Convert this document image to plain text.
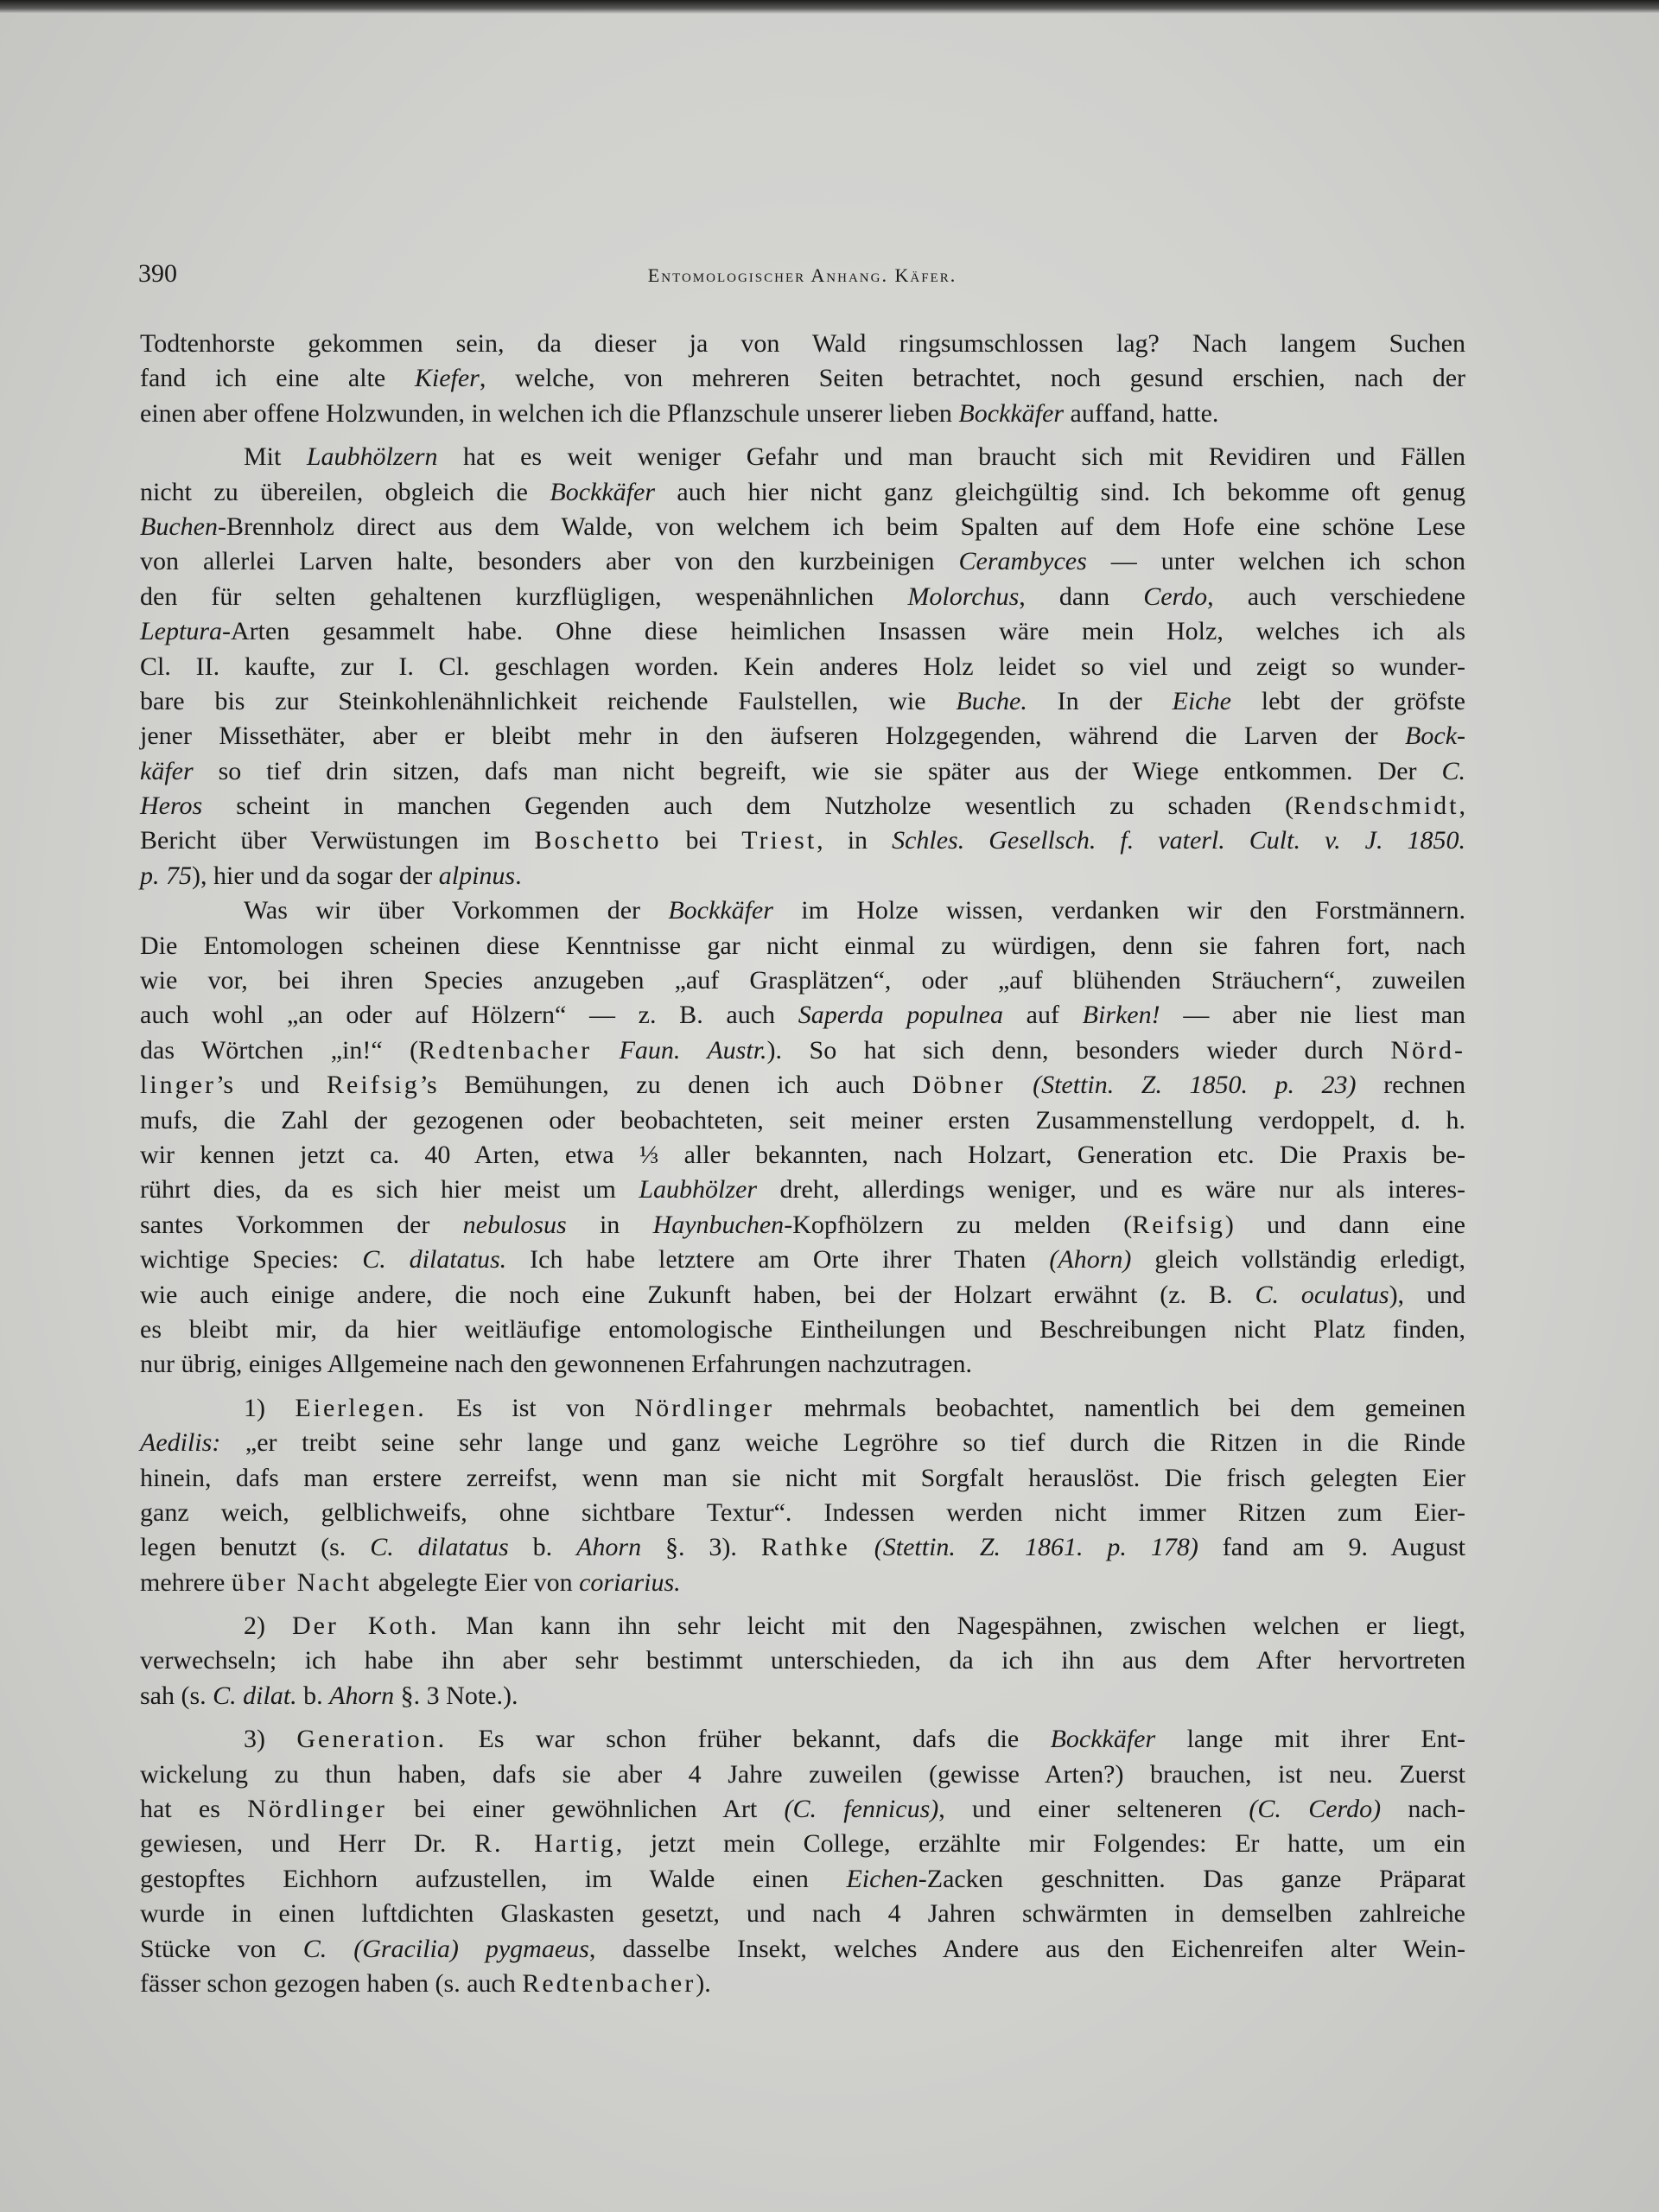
390	Entomologischer Anhang. Käfer.
Todtenhorste gekommen sein, da dieser ja von Wald ringsumschlossen lag? Nach langem Suchen
fand ich eine alte Kiefer, welche, von mehreren Seiten betrachtet, noch gesund erschien, nach der
einen aber offene Holzwunden, in welchen ich die Pflanzschule unserer lieben Bockkäfer auffand, hatte.
Mit Laubhölzern hat es weit weniger Gefahr und man braucht sich mit Revidiren und Fällen
nicht zu übereilen, obgleich die Bockkäfer auch hier nicht ganz gleichgültig sind. Ich bekomme oft genug
Buchen-Brennholz direct aus dem Walde, von welchem ich beim Spalten auf dem Hofe eine schöne Lese
von allerlei Larven halte, besonders aber von den kurzbeinigen Cerambyces — unter welchen ich schon
den für selten gehaltenen kurzflügligen, wespenähnlichen Molorchus, dann Cerdo, auch verschiedene
Leptura-Arten gesammelt habe. Ohne diese heimlichen Insassen wäre mein Holz, welches ich als
Cl. II. kaufte, zur I. Cl. geschlagen worden. Kein anderes Holz leidet so viel und zeigt so wunder-
bare bis zur Steinkohlenähnlichkeit reichende Faulstellen, wie Buche. In der Eiche lebt der gröfste
jener Missethäter, aber er bleibt mehr in den äufseren Holzgegenden, während die Larven der Bock-
käfer so tief drin sitzen, dafs man nicht begreift, wie sie später aus der Wiege entkommen. Der C.
Heros scheint in manchen Gegenden auch dem Nutzholze wesentlich zu schaden (Rendschmidt,
Bericht über Verwüstungen im Boschetto bei Triest, in Schles. Gesellsch. f. vaterl. Cult. v. J. 1850.
p. 75), hier und da sogar der alpinus.
Was wir über Vorkommen der Bockkäfer im Holze wissen, verdanken wir den Forstmännern.
Die Entomologen scheinen diese Kenntnisse gar nicht einmal zu würdigen, denn sie fahren fort, nach
wie vor, bei ihren Species anzugeben „auf Grasplätzen“, oder „auf blühenden Sträuchern“, zuweilen
auch wohl „an oder auf Hölzern“ — z. B. auch Saperda populnea auf Birken! — aber nie liest man
das Wörtchen „in!“ (Redtenbacher Faun. Austr.). So hat sich denn, besonders wieder durch Nörd-
linger’s und Reifsig’s Bemühungen, zu denen ich auch Döbner (Stettin. Z. 1850. p. 23) rechnen
mufs, die Zahl der gezogenen oder beobachteten, seit meiner ersten Zusammenstellung verdoppelt, d. h.
wir kennen jetzt ca. 40 Arten, etwa ⅓ aller bekannten, nach Holzart, Generation etc. Die Praxis be-
rührt dies, da es sich hier meist um Laubhölzer dreht, allerdings weniger, und es wäre nur als interes-
santes Vorkommen der nebulosus in Haynbuchen-Kopfhölzern zu melden (Reifsig) und dann eine
wichtige Species: C. dilatatus. Ich habe letztere am Orte ihrer Thaten (Ahorn) gleich vollständig erledigt,
wie auch einige andere, die noch eine Zukunft haben, bei der Holzart erwähnt (z. B. C. oculatus), und
es bleibt mir, da hier weitläufige entomologische Eintheilungen und Beschreibungen nicht Platz finden,
nur übrig, einiges Allgemeine nach den gewonnenen Erfahrungen nachzutragen.
1) Eierlegen. Es ist von Nördlinger mehrmals beobachtet, namentlich bei dem gemeinen
Aedilis: „er treibt seine sehr lange und ganz weiche Legröhre so tief durch die Ritzen in die Rinde
hinein, dafs man erstere zerreifst, wenn man sie nicht mit Sorgfalt herauslöst. Die frisch gelegten Eier
ganz weich, gelblichweifs, ohne sichtbare Textur“. Indessen werden nicht immer Ritzen zum Eier-
legen benutzt (s. C. dilatatus b. Ahorn §. 3). Rathke (Stettin. Z. 1861. p. 178) fand am 9. August
mehrere über Nacht abgelegte Eier von coriarius.
2) Der Koth. Man kann ihn sehr leicht mit den Nagespähnen, zwischen welchen er liegt,
verwechseln; ich habe ihn aber sehr bestimmt unterschieden, da ich ihn aus dem After hervortreten
sah (s. C. dilat. b. Ahorn §. 3 Note.).
3) Generation. Es war schon früher bekannt, dafs die Bockkäfer lange mit ihrer Ent-
wickelung zu thun haben, dafs sie aber 4 Jahre zuweilen (gewisse Arten?) brauchen, ist neu. Zuerst
hat es Nördlinger bei einer gewöhnlichen Art (C. fennicus), und einer selteneren (C. Cerdo) nach-
gewiesen, und Herr Dr. R. Hartig, jetzt mein College, erzählte mir Folgendes: Er hatte, um ein
gestopftes Eichhorn aufzustellen, im Walde einen Eichen-Zacken geschnitten. Das ganze Präparat
wurde in einen luftdichten Glaskasten gesetzt, und nach 4 Jahren schwärmten in demselben zahlreiche
Stücke von C. (Gracilia) pygmaeus, dasselbe Insekt, welches Andere aus den Eichenreifen alter Wein-
fässer schon gezogen haben (s. auch Redtenbacher).
